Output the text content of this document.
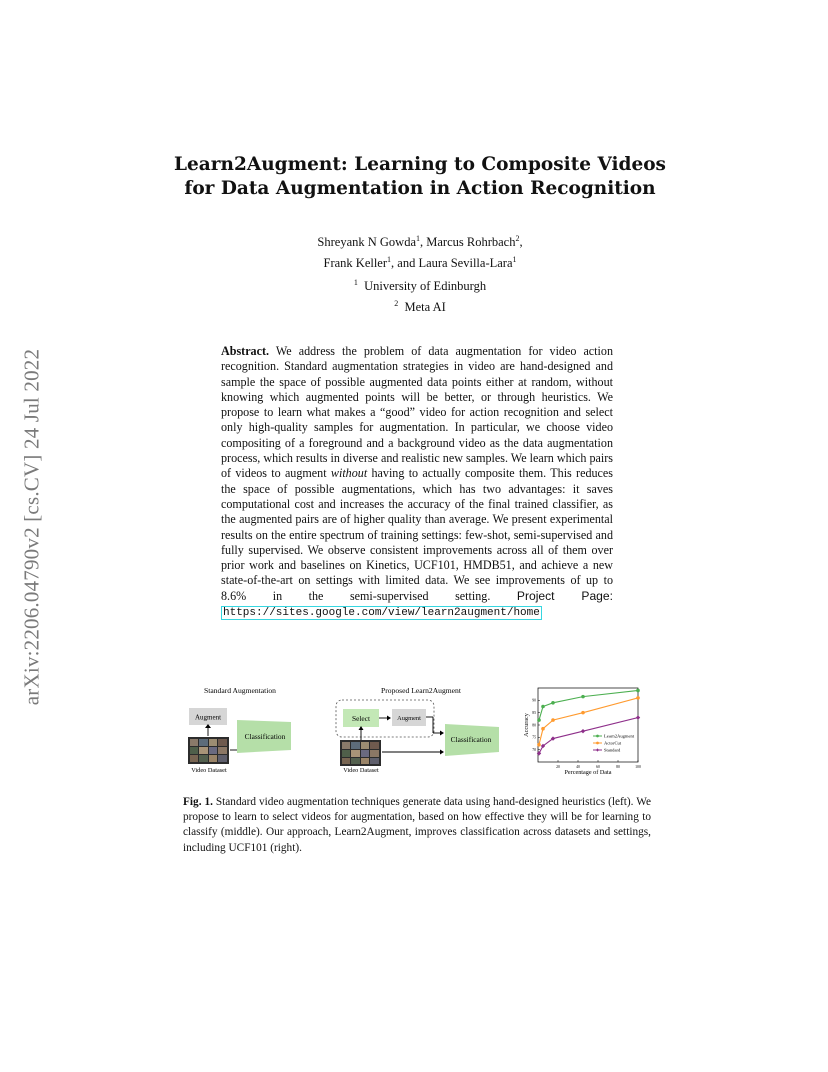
arXiv:2206.04790v2 [cs.CV] 24 Jul 2022
Learn2Augment: Learning to Composite Videos
for Data Augmentation in Action Recognition
Shreyank N Gowda$^1$, Marcus Rohrbach$^2$,
Frank Keller$^1$, and Laura Sevilla-Lara$^1$
$^1$ University of Edinburgh
$^2$ Meta AI
Abstract. We address the problem of data augmentation for video action recognition. Standard augmentation strategies in video are hand-designed and sample the space of possible augmented data points either at random, without knowing which augmented points will be better, or through heuristics. We propose to learn what makes a “good” video for action recognition and select only high-quality samples for augmentation. In particular, we choose video compositing of a foreground and a background video as the data augmentation process, which results in diverse and realistic new samples. We learn which pairs of videos to augment without having to actually composite them. This reduces the space of possible augmentations, which has two advantages: it saves computational cost and increases the accuracy of the final trained classifier, as the augmented pairs are of higher quality than average. We present experimental results on the entire spectrum of training settings: few-shot, semi-supervised and fully supervised. We observe consistent improvements across all of them over prior work and baselines on Kinetics, UCF101, HMDB51, and achieve a new state-of-the-art on settings with limited data. We see improvements of up to 8.6% in the semi-supervised setting. Project Page: https://sites.google.com/view/learn2augment/home
Standard Augmentation
Augment
Video Dataset
Classification
Proposed Learn2Augment
Select	Augment
Video Dataset
Classification
20	40	60	80	100
70
75
80
85
90
Percentage of Data
Accuracy	Learn2Augment
ActorCut
Standard
Fig. 1. Standard video augmentation techniques generate data using hand-designed heuristics (left). We propose to learn to select videos for augmentation, based on how effective they will be for learning to classify (middle). Our approach, Learn2Augment, improves classification across datasets and settings, including UCF101 (right).
